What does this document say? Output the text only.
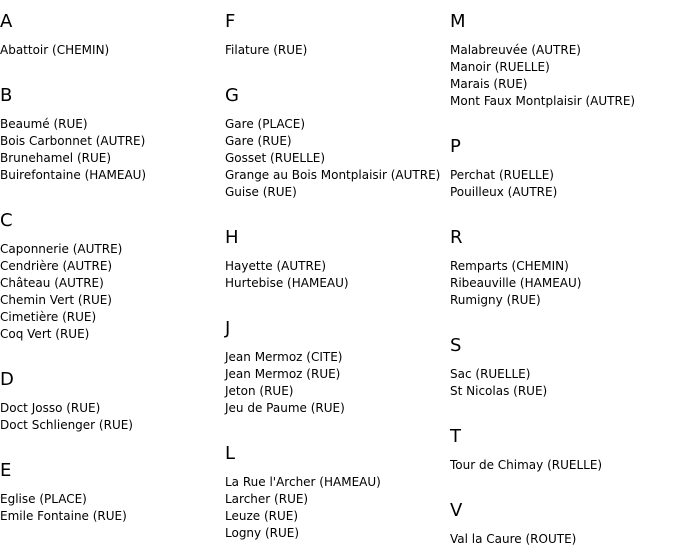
A
Abattoir (CHEMIN)
B
Beaumé (RUE)
Bois Carbonnet (AUTRE)
Brunehamel (RUE)
Buirefontaine (HAMEAU)
C
Caponnerie (AUTRE)
Cendrière (AUTRE)
Château (AUTRE)
Chemin Vert (RUE)
Cimetière (RUE)
Coq Vert (RUE)
D
Doct Josso (RUE)
Doct Schlienger (RUE)
E
Eglise (PLACE)
Emile Fontaine (RUE)
F
Filature (RUE)
G
Gare (PLACE)
Gare (RUE)
Gosset (RUELLE)
Grange au Bois Montplaisir (AUTRE)
Guise (RUE)
H
Hayette (AUTRE)
Hurtebise (HAMEAU)
J
Jean Mermoz (CITE)
Jean Mermoz (RUE)
Jeton (RUE)
Jeu de Paume (RUE)
L
La Rue l'Archer (HAMEAU)
Larcher (RUE)
Leuze (RUE)
Logny (RUE)
M
Malabreuvée (AUTRE)
Manoir (RUELLE)
Marais (RUE)
Mont Faux Montplaisir (AUTRE)
P
Perchat (RUELLE)
Pouilleux (AUTRE)
R
Remparts (CHEMIN)
Ribeauville (HAMEAU)
Rumigny (RUE)
S
Sac (RUELLE)
St Nicolas (RUE)
T
Tour de Chimay (RUELLE)
V
Val la Caure (ROUTE)
